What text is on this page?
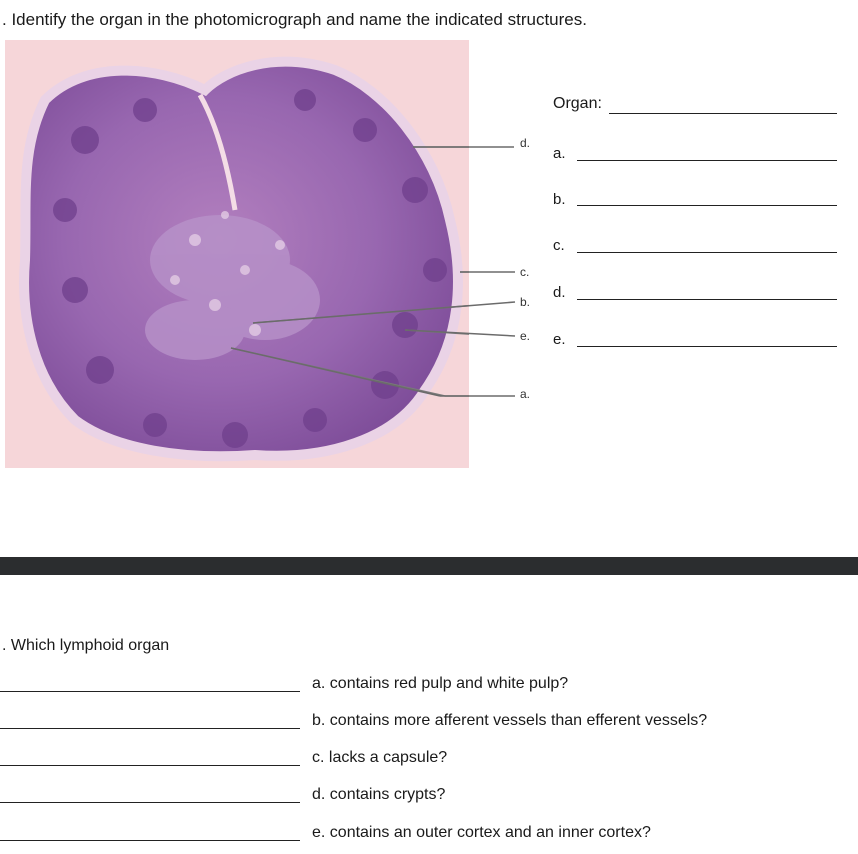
. Identify the organ in the photomicrograph and name the indicated structures.
d.
c.
b.
e.
a.
Organ:
a.
b.
c.
d.
e.
. Which lymphoid organ
a. contains red pulp and white pulp?
b. contains more afferent vessels than efferent vessels?
c. lacks a capsule?
d. contains crypts?
e. contains an outer cortex and an inner cortex?
